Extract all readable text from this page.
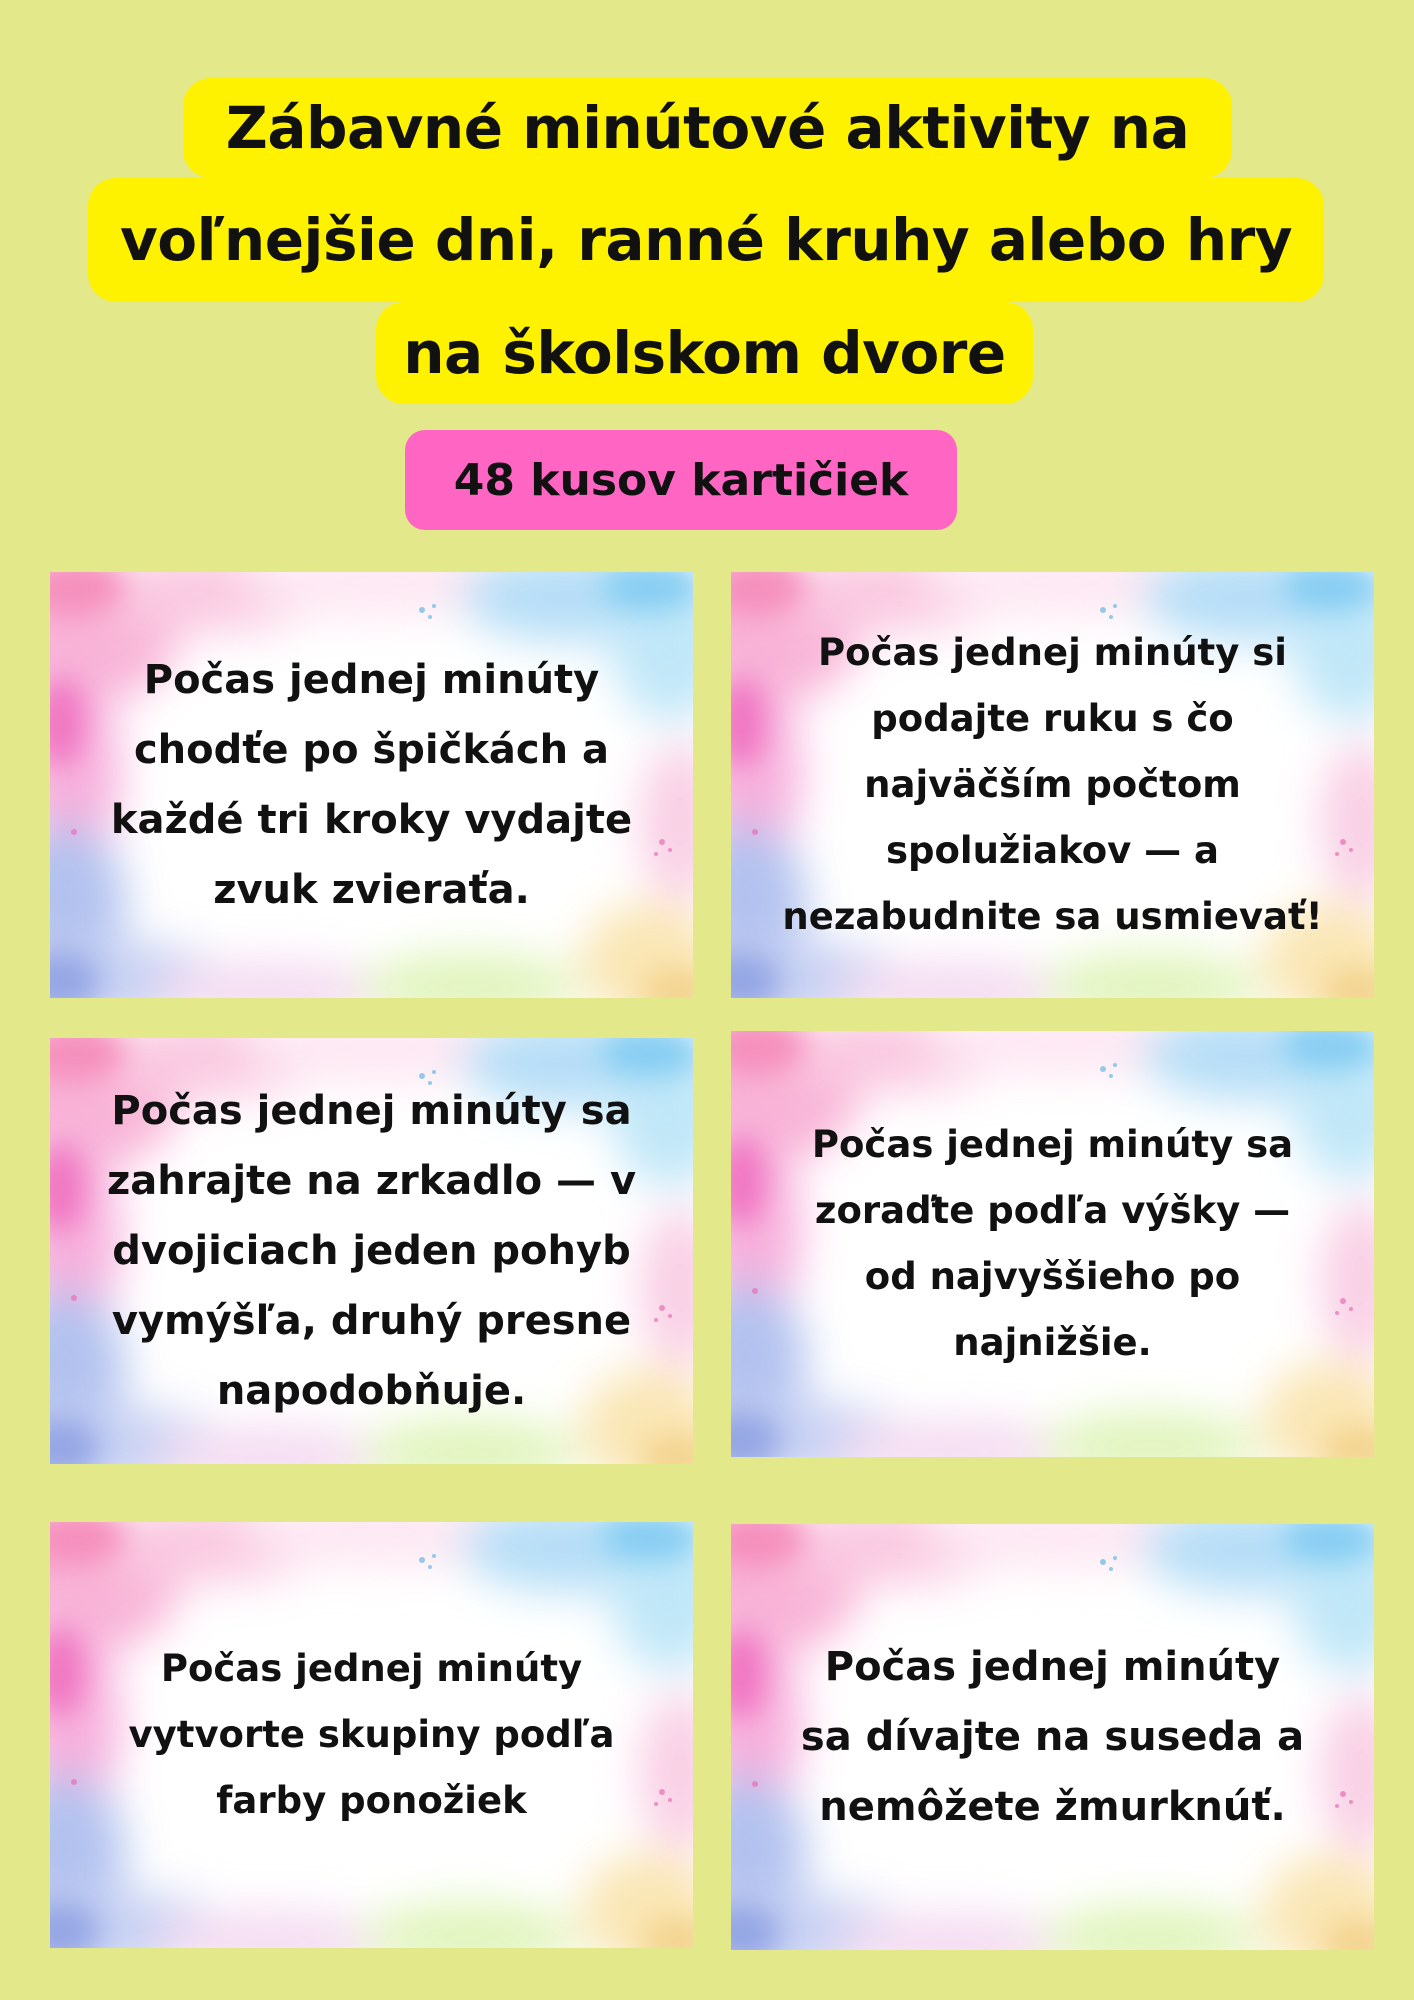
Zábavné minútové aktivity na
voľnejšie dni, ranné kruhy alebo hry
na školskom dvore
48 kusov kartičiek
Počas jednej minúty chodťe po špičkách a každé tri kroky vydajte zvuk zvieraťa.
Počas jednej minúty si podajte ruku s čo najväčším počtom spolužiakov — a nezabudnite sa usmievať!
Počas jednej minúty sa zahrajte na zrkadlo — v dvojiciach jeden pohyb vymýšľa, druhý presne napodobňuje.
Počas jednej minúty sa zoraďte podľa výšky — od najvyššieho po najnižšie.
Počas jednej minúty vytvorte skupiny podľa farby ponožiek
Počas jednej minúty sa dívajte na suseda a nemôžete žmurknúť.
